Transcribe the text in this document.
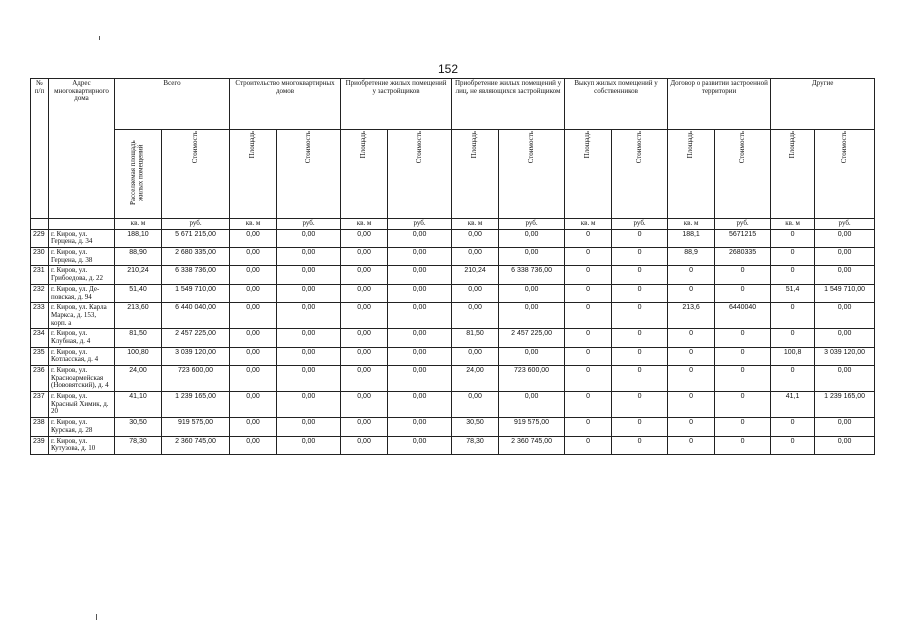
152
№ п/п	Адрес многоквартирного дома	Всего		Строительство многоквартирных домов		Приобретение жилых помещений у застройщиков		Приобретение жилых помещений у лиц, не являющихся застройщиком		Выкуп жилых помещений у собственников		Договор о развитии застроенной территории		Другие	

		Расселяемая площадь жилых помещений	Стоимость	Площадь	Стоимость	Площадь	Стоимость	Площадь	Стоимость	Площадь	Стоимость	Площадь	Стоимость	Площадь	Стоимость

		кв. м	руб.	кв. м	руб.	кв. м	руб.	кв. м	руб.	кв. м	руб.	кв. м	руб.	кв. м	руб.
229	г. Киров, ул. Герцена, д. 34	188,10	5 671 215,00	0,00	0,00	0,00	0,00	0,00	0,00	0	0	188,1	5671215	0	0,00
230	г. Киров, ул. Герцена, д. 38	88,90	2 680 335,00	0,00	0,00	0,00	0,00	0,00	0,00	0	0	88,9	2680335	0	0,00
231	г. Киров, ул. Грибоедова, д. 22	210,24	6 338 736,00	0,00	0,00	0,00	0,00	210,24	6 338 736,00	0	0	0	0	0	0,00
232	г. Киров, ул. Де-повская, д. 94	51,40	1 549 710,00	0,00	0,00	0,00	0,00	0,00	0,00	0	0	0	0	51,4	1 549 710,00
233	г. Киров, ул. Карла Маркса, д. 153, корп. а	213,60	6 440 040,00	0,00	0,00	0,00	0,00	0,00	0,00	0	0	213,6	6440040	0	0,00
234	г. Киров, ул. Клубная, д. 4	81,50	2 457 225,00	0,00	0,00	0,00	0,00	81,50	2 457 225,00	0	0	0	0	0	0,00
235	г. Киров, ул. Котласская, д. 4	100,80	3 039 120,00	0,00	0,00	0,00	0,00	0,00	0,00	0	0	0	0	100,8	3 039 120,00
236	г. Киров, ул. Красноармейская (Нововятский), д. 4	24,00	723 600,00	0,00	0,00	0,00	0,00	24,00	723 600,00	0	0	0	0	0	0,00
237	г. Киров, ул. Красный Химик, д. 20	41,10	1 239 165,00	0,00	0,00	0,00	0,00	0,00	0,00	0	0	0	0	41,1	1 239 165,00
238	г. Киров, ул. Курская, д. 28	30,50	919 575,00	0,00	0,00	0,00	0,00	30,50	919 575,00	0	0	0	0	0	0,00
239	г. Киров, ул. Кутузова, д. 10	78,30	2 360 745,00	0,00	0,00	0,00	0,00	78,30	2 360 745,00	0	0	0	0	0	0,00
